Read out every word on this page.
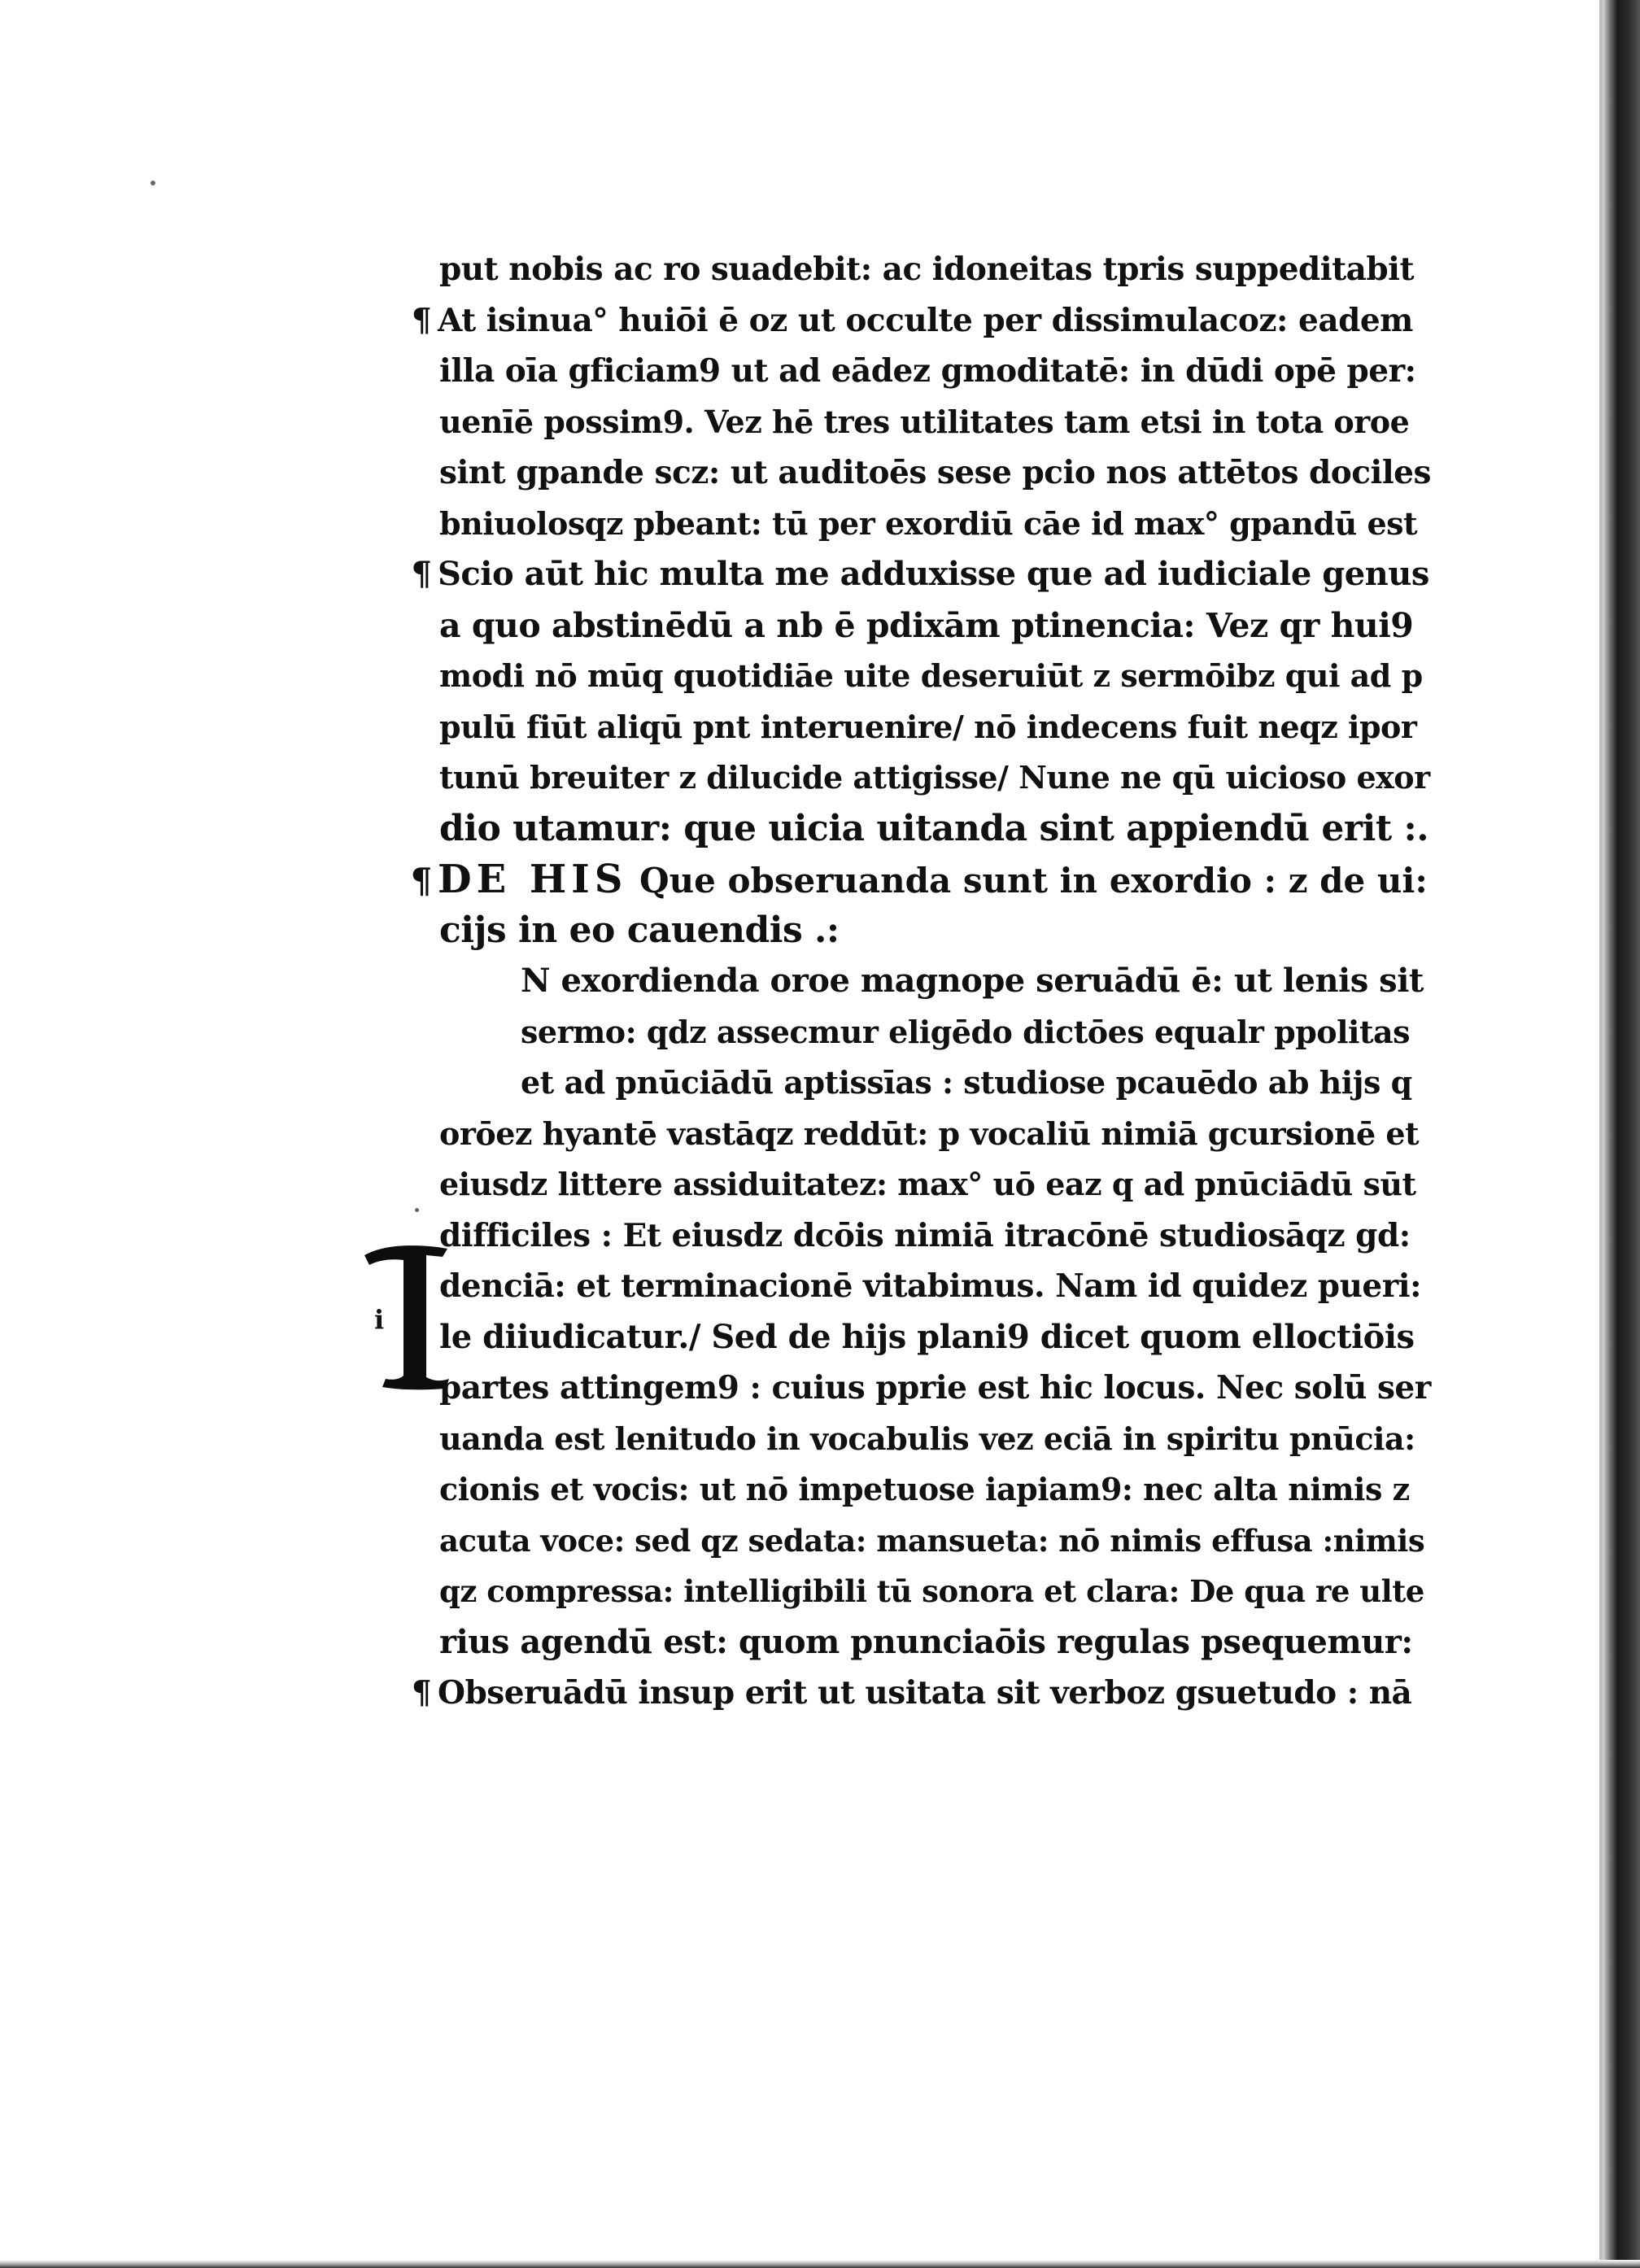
put nobis ac ro suadebit: ac idoneitas tpris suppeditabit
¶ At isinua° huiōi ē oz ut occulte per dissimulacoz: eadem
illa oīa gficiam9 ut ad eādez gmoditatē: in dūdi opē per:
uenīē possim9. Vez hē tres utilitates tam etsi in tota oroe
sint gpande scz: ut auditoēs sese pcio nos attētos dociles
bniuolosqz pbeant: tū per exordiū cāe id max° gpandū est
¶ Scio aūt hic multa me adduxisse que ad iudiciale genus
a quo abstinēdū a nb ē pdixām ptinencia: Vez qr hui9
modi nō mūq quotidiāe uite deseruiūt z sermōibz qui ad p
pulū fiūt aliqū pnt interuenire/ nō indecens fuit neqz ipor
tunū breuiter z dilucide attigisse/ Nune ne qū uicioso exor
dio utamur: que uicia uitanda sint appiendū erit :.
¶ DE HIS Que obseruanda sunt in exordio : z de ui:
cijs in eo cauendis .:
i
N exordienda oroe magnope seruādū ē: ut lenis sit
sermo: qdz assecmur eligēdo dictōes equalr ppolitas
et ad pnūciādū aptissīas : studiose pcauēdo ab hijs q
orōez hyantē vastāqz reddūt: p vocaliū nimiā gcursionē et
eiusdz littere assiduitatez: max° uō eaz q ad pnūciādū sūt
difficiles : Et eiusdz dcōis nimiā itracōnē studiosāqz gd:
denciā: et terminacionē vitabimus. Nam id quidez pueri:
le diiudicatur./ Sed de hijs plani9 dicet quom elloctiōis
partes attingem9 : cuius pprie est hic locus. Nec solū ser
uanda est lenitudo in vocabulis vez eciā in spiritu pnūcia:
cionis et vocis: ut nō impetuose iapiam9: nec alta nimis z
acuta voce: sed qz sedata: mansueta: nō nimis effusa :nimis
qz compressa: intelligibili tū sonora et clara: De qua re ulte
rius agendū est: quom pnunciaōis regulas psequemur:
¶ Obseruādū insup erit ut usitata sit verboz gsuetudo : nā
